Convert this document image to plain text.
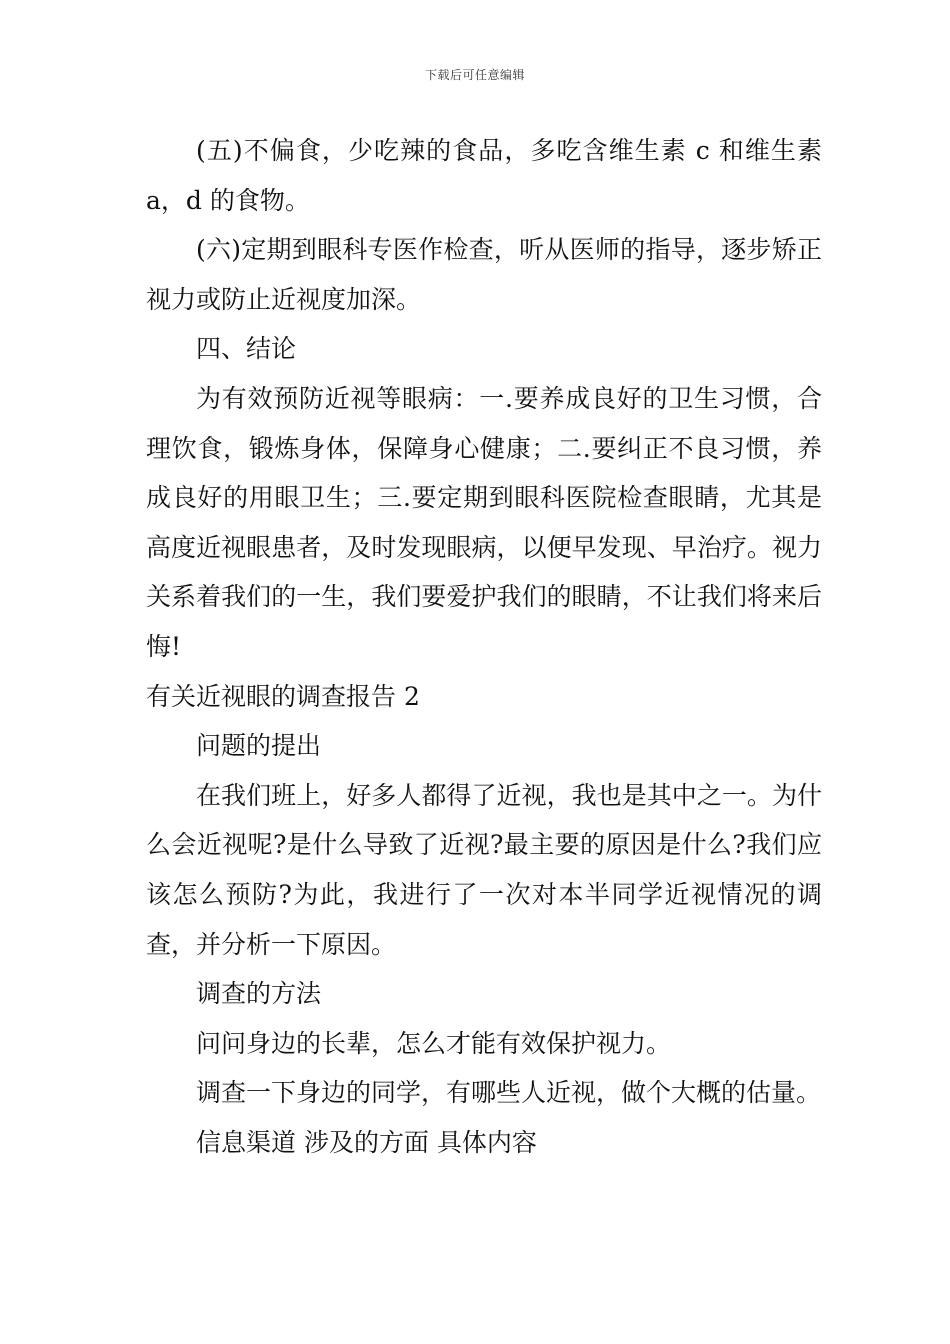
下载后可任意编辑

(五)不偏食，少吃辣的食品，多吃含维生素 c 和维生素 a，d 的食物。

(六)定期到眼科专医作检查，听从医师的指导，逐步矫正视力或防止近视度加深。

四、结论

为有效预防近视等眼病：一.要养成良好的卫生习惯，合理饮食，锻炼身体，保障身心健康；二.要纠正不良习惯，养成良好的用眼卫生；三.要定期到眼科医院检查眼睛，尤其是高度近视眼患者，及时发现眼病，以便早发现、早治疗。视力关系着我们的一生，我们要爱护我们的眼睛，不让我们将来后悔!

有关近视眼的调查报告 2

问题的提出

在我们班上，好多人都得了近视，我也是其中之一。为什么会近视呢?是什么导致了近视?最主要的原因是什么?我们应该怎么预防?为此，我进行了一次对本半同学近视情况的调查，并分析一下原因。

调查的方法

问问身边的长辈，怎么才能有效保护视力。

调查一下身边的同学，有哪些人近视，做个大概的估量。

信息渠道 涉及的方面 具体内容
